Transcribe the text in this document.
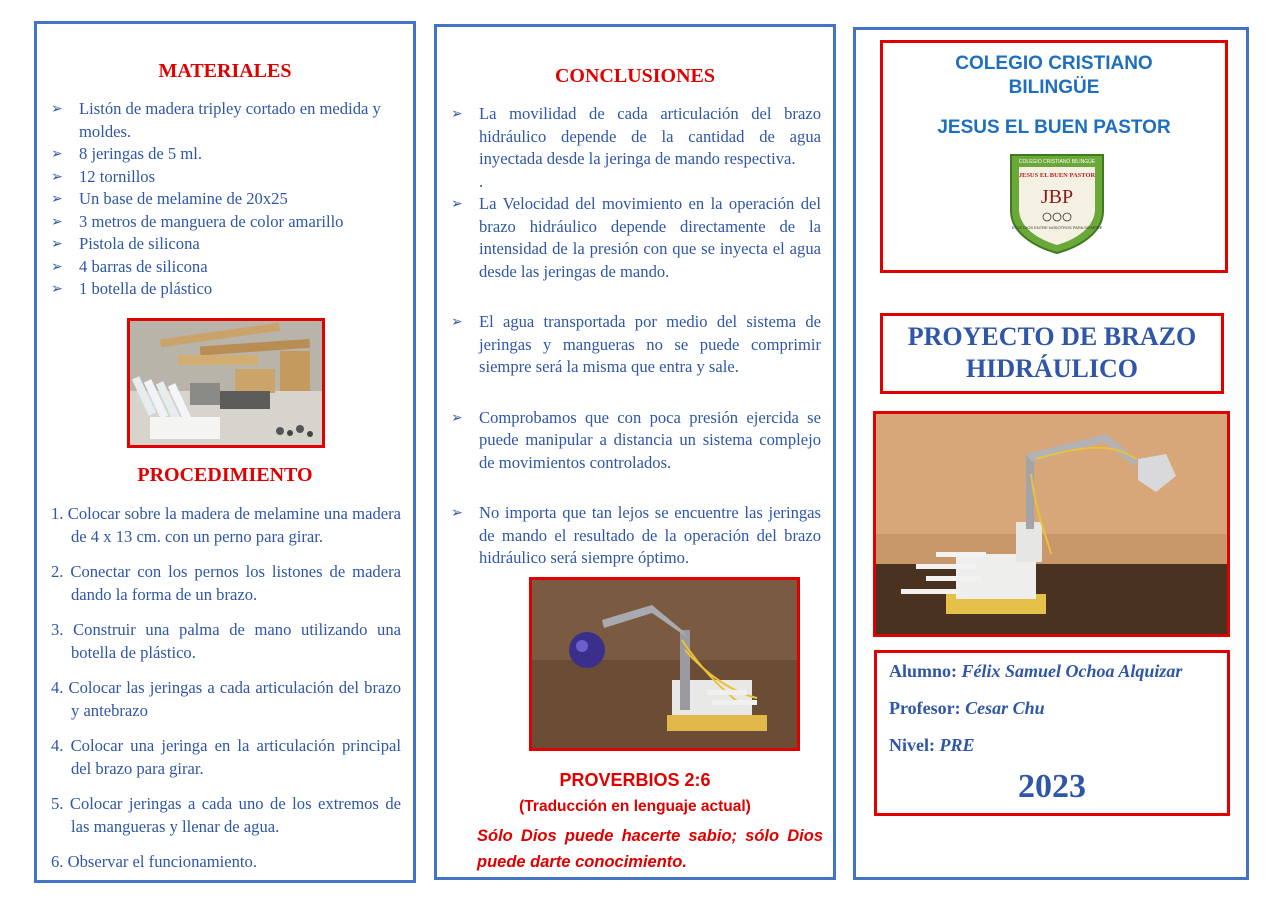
MATERIALES
➢ Listón de madera tripley cortado en medida y moldes.
➢ 8 jeringas de 5 ml.
➢ 12 tornillos
➢ Un base de melamine de 20x25
➢ 3 metros de manguera de color amarillo
➢ Pistola de silicona
➢ 4 barras de silicona
➢ 1 botella de plástico
PROCEDIMIENTO
1. Colocar sobre la madera de melamine una madera de 4 x 13 cm. con un perno para girar.
2. Conectar con los pernos los listones de madera dando la forma de un brazo.
3. Construir una palma de mano utilizando una botella de plástico.
4. Colocar las jeringas a cada articulación del brazo y antebrazo
4. Colocar una jeringa en la articulación principal del brazo para girar.
5. Colocar jeringas a cada uno de los extremos de las mangueras y llenar de agua.
6. Observar el funcionamiento.
CONCLUSIONES
➢ La movilidad de cada articulación del brazo hidráulico depende de la cantidad de agua inyectada desde la jeringa de mando respectiva.
.
➢ La Velocidad del movimiento en la operación del brazo hidráulico depende directamente de la intensidad de la presión con que se inyecta el agua desde las jeringas de mando.
➢ El agua transportada por medio del sistema de jeringas y mangueras no se puede comprimir siempre será la misma que entra y sale.
➢ Comprobamos que con poca presión ejercida se puede manipular a distancia un sistema complejo de movimientos controlados.
➢ No importa que tan lejos se encuentre las jeringas de mando el resultado de la operación del brazo hidráulico será siempre óptimo.
PROVERBIOS 2:6
(Traducción en lenguaje actual)
Sólo Dios puede hacerte sabio; sólo Dios puede darte conocimiento.
COLEGIO CRISTIANO
BILINGÜE
JESUS EL BUEN PASTOR
COLEGIO CRISTIANO BILINGÜE
JESUS EL BUEN PASTOR
JBP
ESTE DIOS ENTRE NOSOTROS PARA SIEMPRE
PROYECTO DE BRAZO
HIDRÁULICO
Alumno: Félix Samuel Ochoa Alquizar
Profesor: Cesar Chu
Nivel: PRE
2023
